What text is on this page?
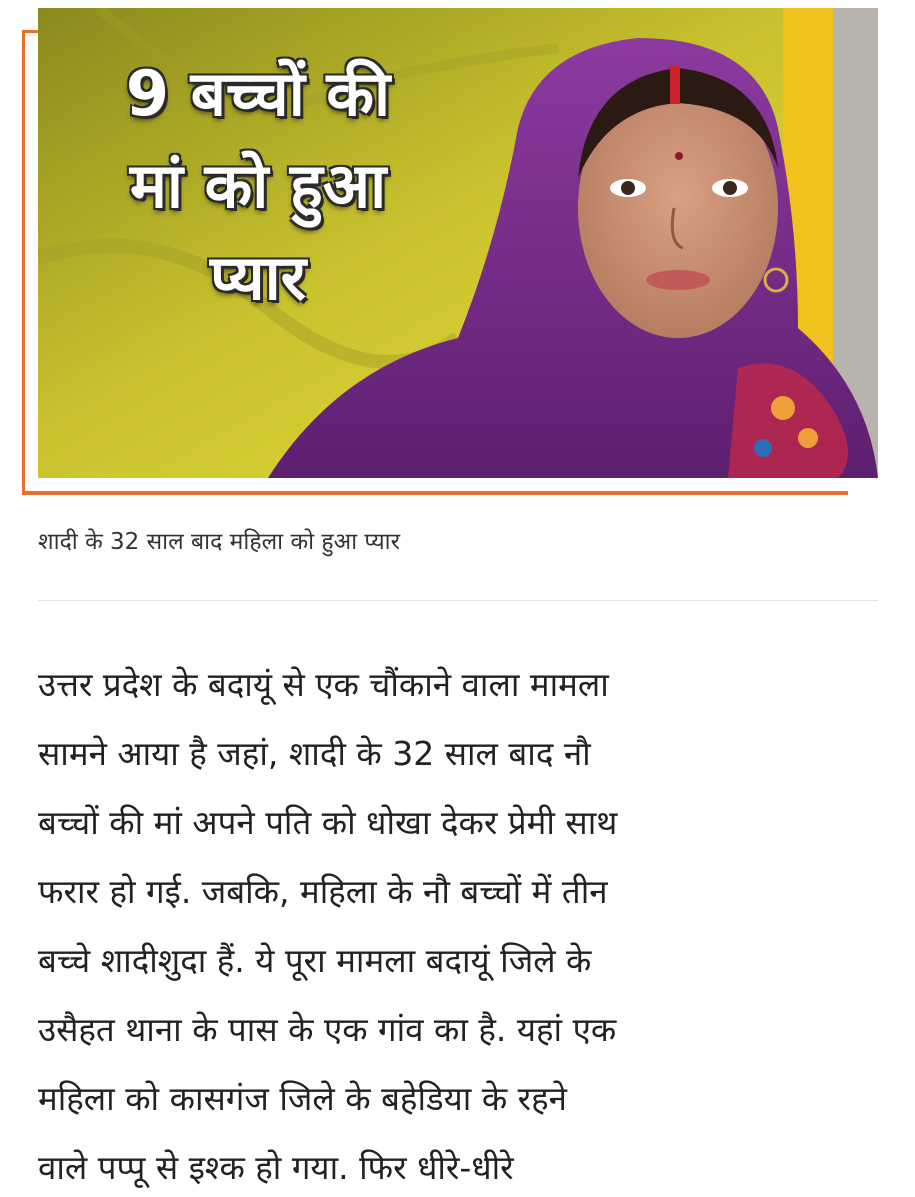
9 बच्चों की
मां को हुआ
प्यार

शादी के 32 साल बाद महिला को हुआ प्यार

उत्तर प्रदेश के बदायूं से एक चौंकाने वाला मामला
सामने आया है जहां, शादी के 32 साल बाद नौ
बच्चों की मां अपने पति को धोखा देकर प्रेमी साथ
फरार हो गई. जबकि, महिला के नौ बच्चों में तीन
बच्चे शादीशुदा हैं. ये पूरा मामला बदायूं जिले के
उसैहत थाना के पास के एक गांव का है. यहां एक
महिला को कासगंज जिले के बहेडिया के रहने
वाले पप्पू से इश्क हो गया. फिर धीरे-धीरे
